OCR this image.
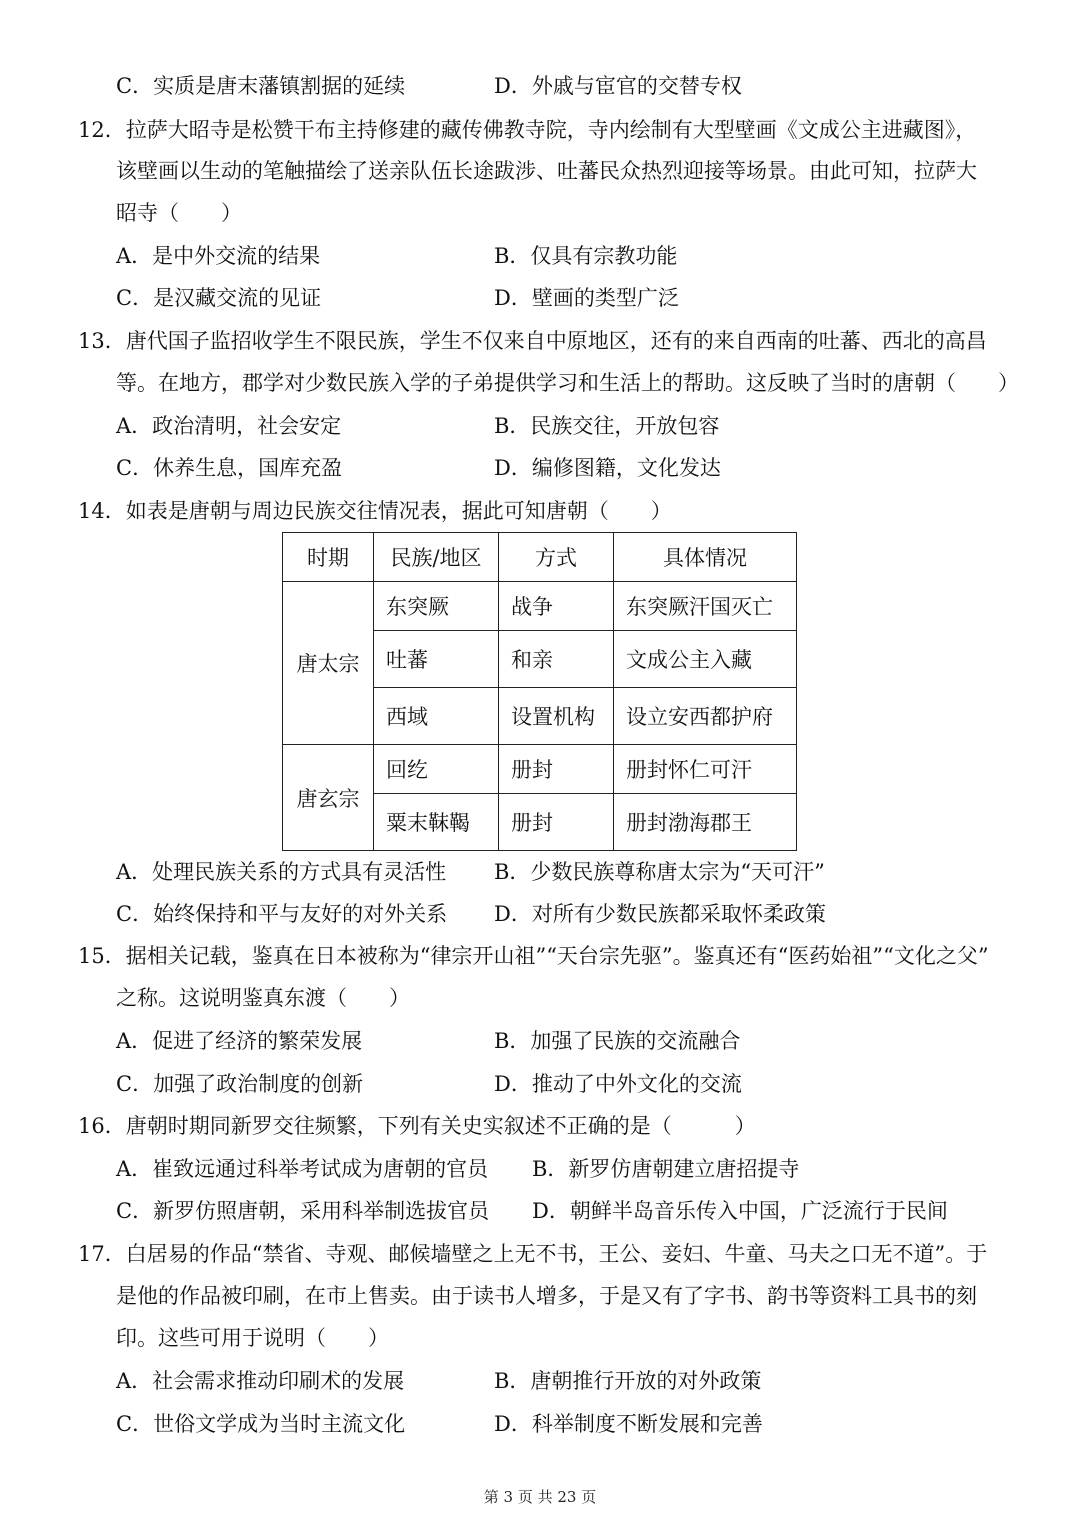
C．实质是唐末藩镇割据的延续	D．外戚与宦官的交替专权
12．拉萨大昭寺是松赞干布主持修建的藏传佛教寺院，寺内绘制有大型壁画《文成公主进藏图》，
该壁画以生动的笔触描绘了送亲队伍长途跋涉、吐蕃民众热烈迎接等场景。由此可知，拉萨大
昭寺（　　）
A．是中外交流的结果	B．仅具有宗教功能
C．是汉藏交流的见证	D．壁画的类型广泛
13．唐代国子监招收学生不限民族，学生不仅来自中原地区，还有的来自西南的吐蕃、西北的高昌
等。在地方，郡学对少数民族入学的子弟提供学习和生活上的帮助。这反映了当时的唐朝（　　）
A．政治清明，社会安定	B．民族交往，开放包容
C．休养生息，国库充盈	D．编修图籍，文化发达
14．如表是唐朝与周边民族交往情况表，据此可知唐朝（　　）
时期	民族/地区	方式	具体情况
唐太宗	东突厥	战争	东突厥汗国灭亡
	吐蕃	和亲	文成公主入藏
	西域	设置机构	设立安西都护府
唐玄宗	回纥	册封	册封怀仁可汗
	粟末靺鞨	册封	册封渤海郡王
A．处理民族关系的方式具有灵活性 B．少数民族尊称唐太宗为“天可汗”
C．始终保持和平与友好的对外关系 D．对所有少数民族都采取怀柔政策
15．据相关记载，鉴真在日本被称为“律宗开山祖”“天台宗先驱”。鉴真还有“医药始祖”“文化之父”
之称。这说明鉴真东渡（　　）
A．促进了经济的繁荣发展	B．加强了民族的交流融合
C．加强了政治制度的创新	D．推动了中外文化的交流
16．唐朝时期同新罗交往频繁，下列有关史实叙述不正确的是（　　　）
A．崔致远通过科举考试成为唐朝的官员 B．新罗仿唐朝建立唐招提寺
C．新罗仿照唐朝，采用科举制选拔官员 D．朝鲜半岛音乐传入中国，广泛流行于民间
17．白居易的作品“禁省、寺观、邮候墙壁之上无不书，王公、妾妇、牛童、马夫之口无不道”。于
是他的作品被印刷，在市上售卖。由于读书人增多，于是又有了字书、韵书等资料工具书的刻
印。这些可用于说明（　　）
A．社会需求推动印刷术的发展	B．唐朝推行开放的对外政策
C．世俗文学成为当时主流文化	D．科举制度不断发展和完善
第 3 页 共 23 页
